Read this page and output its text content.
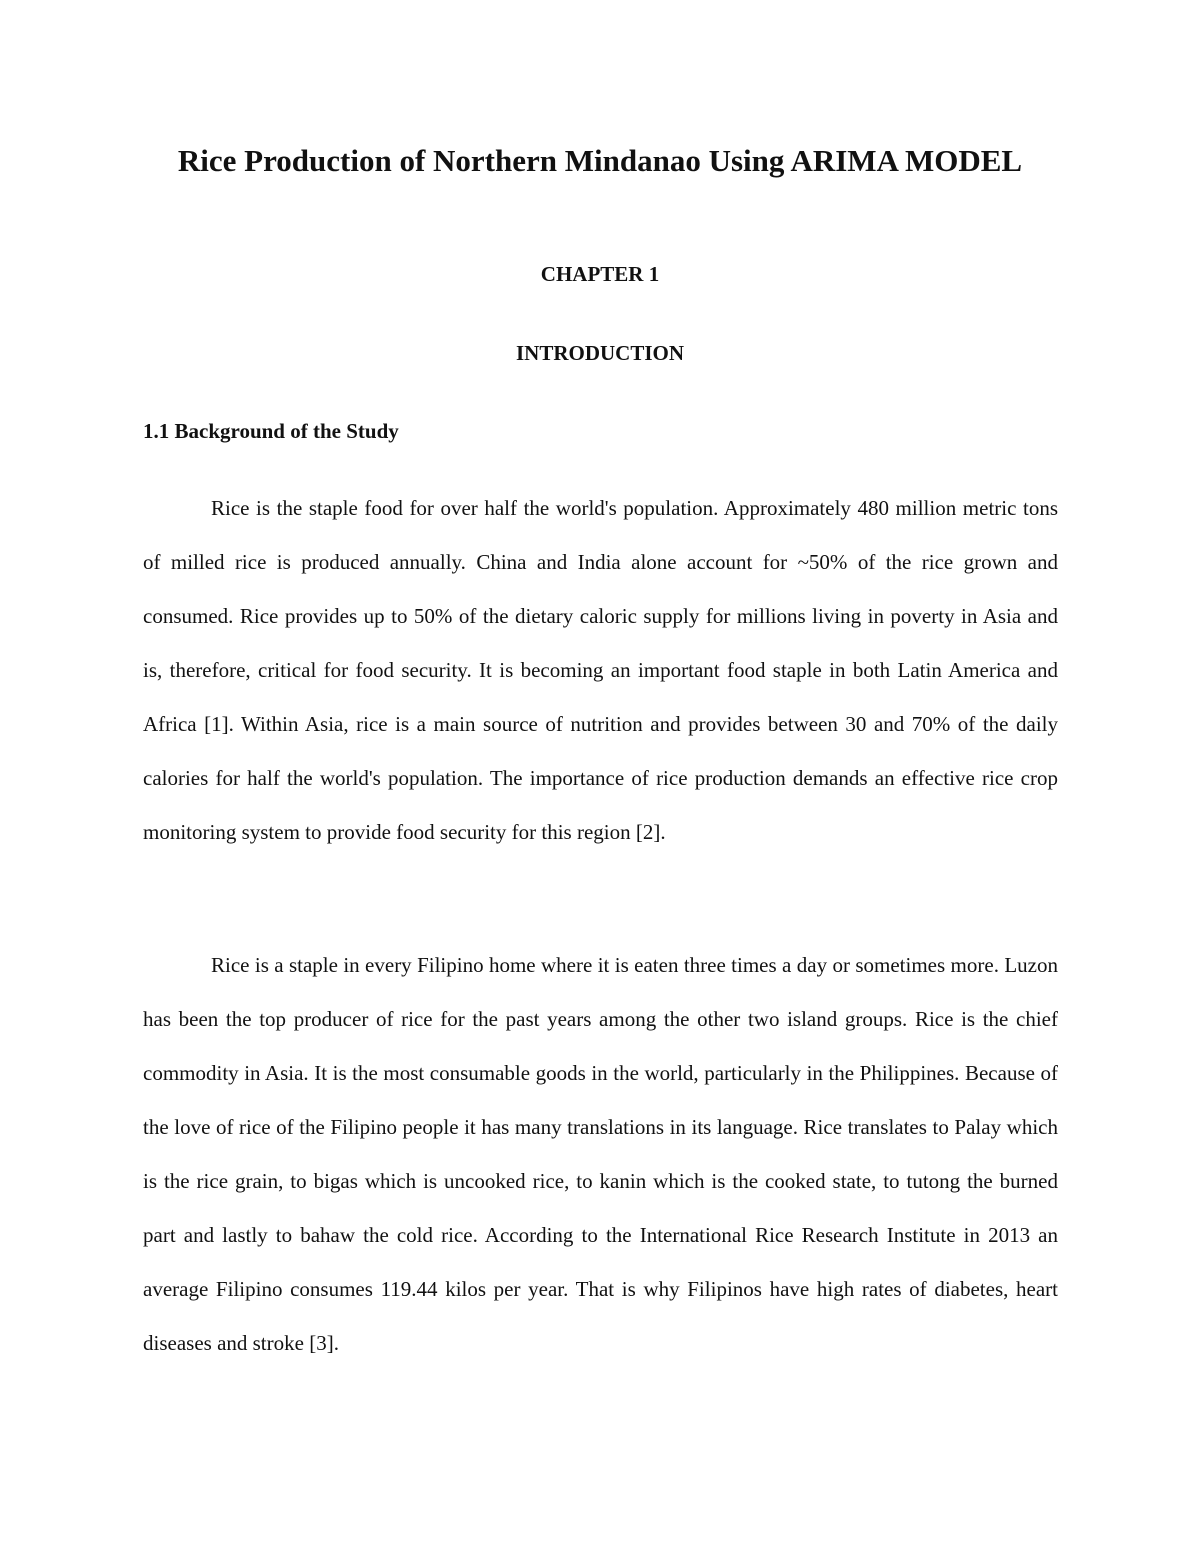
Rice Production of Northern Mindanao Using ARIMA MODEL
CHAPTER 1
INTRODUCTION
1.1 Background of the Study

Rice is the staple food for over half the world's population. Approximately 480 million metric tons of milled rice is produced annually. China and India alone account for ~50% of the rice grown and consumed. Rice provides up to 50% of the dietary caloric supply for millions living in poverty in Asia and is, therefore, critical for food security. It is becoming an important food staple in both Latin America and Africa [1]. Within Asia, rice is a main source of nutrition and provides between 30 and 70% of the daily calories for half the world's population. The importance of rice production demands an effective rice crop monitoring system to provide food security for this region [2].

Rice is a staple in every Filipino home where it is eaten three times a day or sometimes more. Luzon has been the top producer of rice for the past years among the other two island groups. Rice is the chief commodity in Asia. It is the most consumable goods in the world, particularly in the Philippines. Because of the love of rice of the Filipino people it has many translations in its language. Rice translates to Palay which is the rice grain, to bigas which is uncooked rice, to kanin which is the cooked state, to tutong the burned part and lastly to bahaw the cold rice. According to the International Rice Research Institute in 2013 an average Filipino consumes 119.44 kilos per year. That is why Filipinos have high rates of diabetes, heart diseases and stroke [3].
